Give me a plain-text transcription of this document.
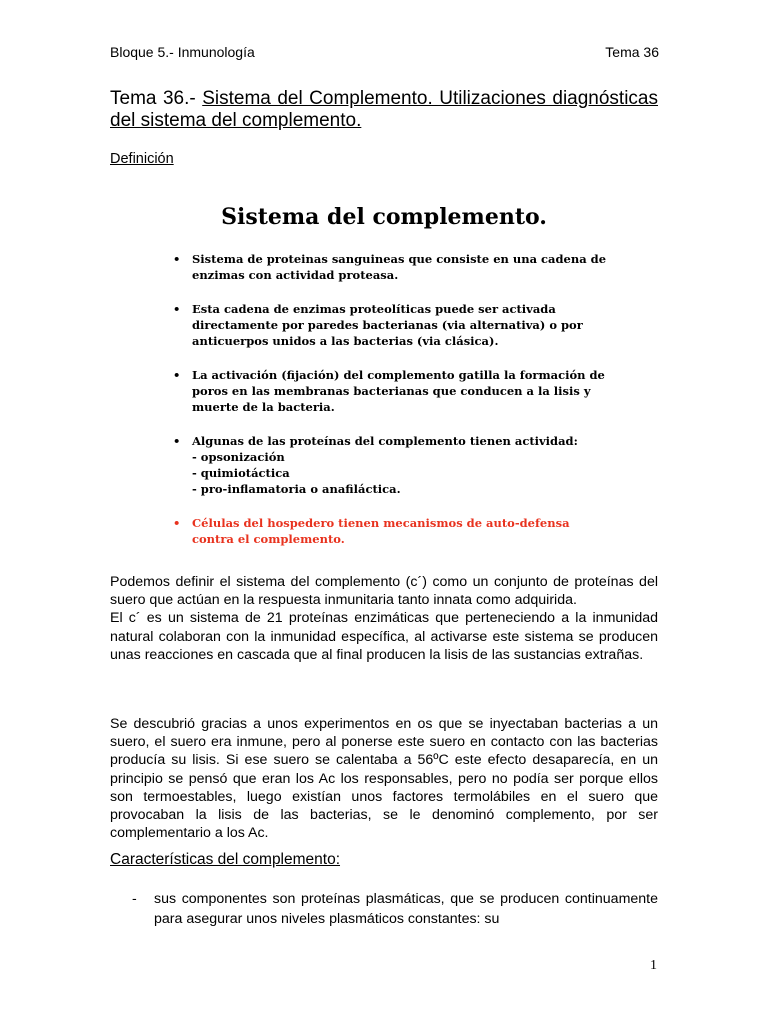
Bloque 5.- Inmunología	Tema 36
Tema 36.- Sistema del Complemento. Utilizaciones diagnósticas del sistema del complemento.
Definición
Sistema del complemento.
• Sistema de proteinas sanguineas que consiste en una cadena de enzimas con actividad proteasa.
• Esta cadena de enzimas proteolíticas puede ser activada directamente por paredes bacterianas (via alternativa) o por anticuerpos unidos a las bacterias (via clásica).
• La activación (fijación) del complemento gatilla la formación de poros en las membranas bacterianas que conducen a la lisis y muerte de la bacteria.
• Algunas de las proteínas del complemento tienen actividad:
- opsonización
- quimiotáctica
- pro-inflamatoria o anafiláctica.
• Células del hospedero tienen mecanismos de auto-defensa contra el complemento.

Podemos definir el sistema del complemento (c´) como un conjunto de proteínas del suero que actúan en la respuesta inmunitaria tanto innata como adquirida.

El c´ es un sistema de 21 proteínas enzimáticas que perteneciendo a la inmunidad natural colaboran con la inmunidad específica, al activarse este sistema se producen unas reacciones en cascada que al final producen la lisis de las sustancias extrañas.

Se descubrió gracias a unos experimentos en os que se inyectaban bacterias a un suero, el suero era inmune, pero al ponerse este suero en contacto con las bacterias producía su lisis. Si ese suero se calentaba a 56ºC este efecto desaparecía, en un principio se pensó que eran los Ac los responsables, pero no podía ser porque ellos son termoestables, luego existían unos factores termolábiles en el suero que provocaban la lisis de las bacterias, se le denominó complemento, por ser complementario a los Ac.

Características del complemento:
- sus componentes son proteínas plasmáticas, que se producen continuamente para asegurar unos niveles plasmáticos constantes: su
1
